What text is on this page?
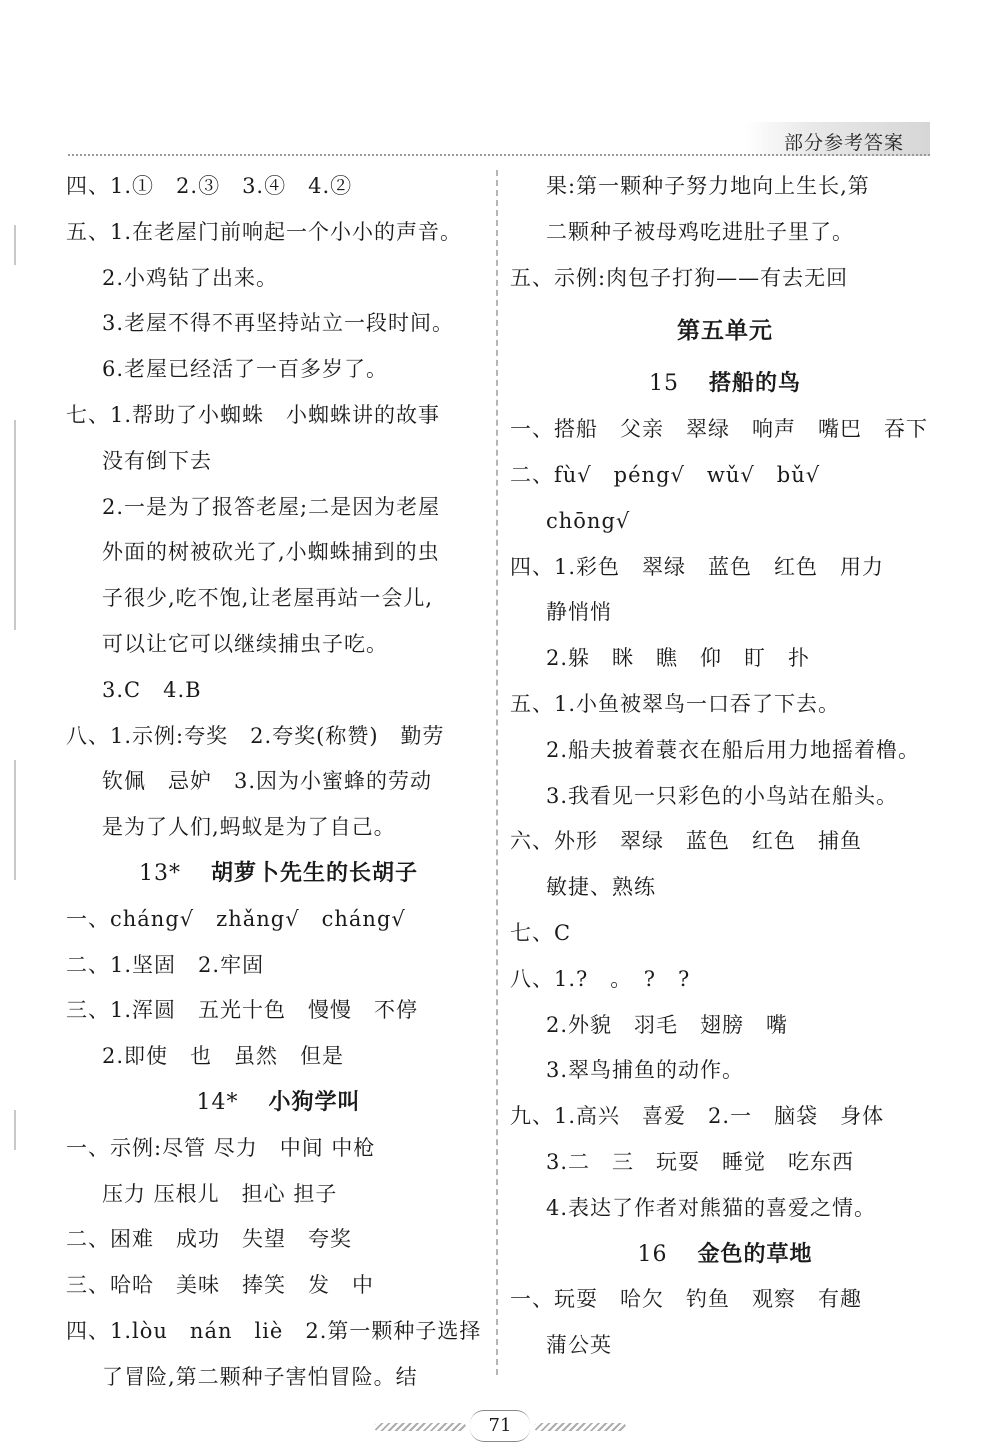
部分参考答案
四、1.①　2.③　3.④　4.②
五、1.在老屋门前响起一个小小的声音。
2.小鸡钻了出来。
3.老屋不得不再坚持站立一段时间。
6.老屋已经活了一百多岁了。
七、1.帮助了小蜘蛛　小蜘蛛讲的故事
没有倒下去
2.一是为了报答老屋;二是因为老屋
外面的树被砍光了,小蜘蛛捕到的虫
子很少,吃不饱,让老屋再站一会儿,
可以让它可以继续捕虫子吃。
3.C　4.B
八、1.示例:夸奖　2.夸奖(称赞)　勤劳
钦佩　忌妒　3.因为小蜜蜂的劳动
是为了人们,蚂蚁是为了自己。
13* 胡萝卜先生的长胡子
一、cháng√　zhǎng√　cháng√
二、1.坚固　2.牢固
三、1.浑圆　五光十色　慢慢　不停
2.即使　也　虽然　但是
14* 小狗学叫
一、示例:尽管 尽力　中间 中枪
压力 压根儿　担心 担子
二、困难　成功　失望　夸奖
三、哈哈　美味　捧笑　发　中
四、1.lòu　nán　liè　2.第一颗种子选择
了冒险,第二颗种子害怕冒险。结
果:第一颗种子努力地向上生长,第
二颗种子被母鸡吃进肚子里了。
五、示例:肉包子打狗——有去无回
第五单元
15 搭船的鸟
一、搭船　父亲　翠绿　响声　嘴巴　吞下
二、fù√　péng√　wǔ√　bǔ√
chōng√
四、1.彩色　翠绿　蓝色　红色　用力
静悄悄
2.躲　眯　瞧　仰　盯　扑
五、1.小鱼被翠鸟一口吞了下去。
2.船夫披着蓑衣在船后用力地摇着橹。
3.我看见一只彩色的小鸟站在船头。
六、外形　翠绿　蓝色　红色　捕鱼
敏捷、熟练
七、C
八、1.?　。　?　?
2.外貌　羽毛　翅膀　嘴
3.翠鸟捕鱼的动作。
九、1.高兴　喜爱　2.一　脑袋　身体
3.二　三　玩耍　睡觉　吃东西
4.表达了作者对熊猫的喜爱之情。
16 金色的草地
一、玩耍　哈欠　钓鱼　观察　有趣
蒲公英
71
